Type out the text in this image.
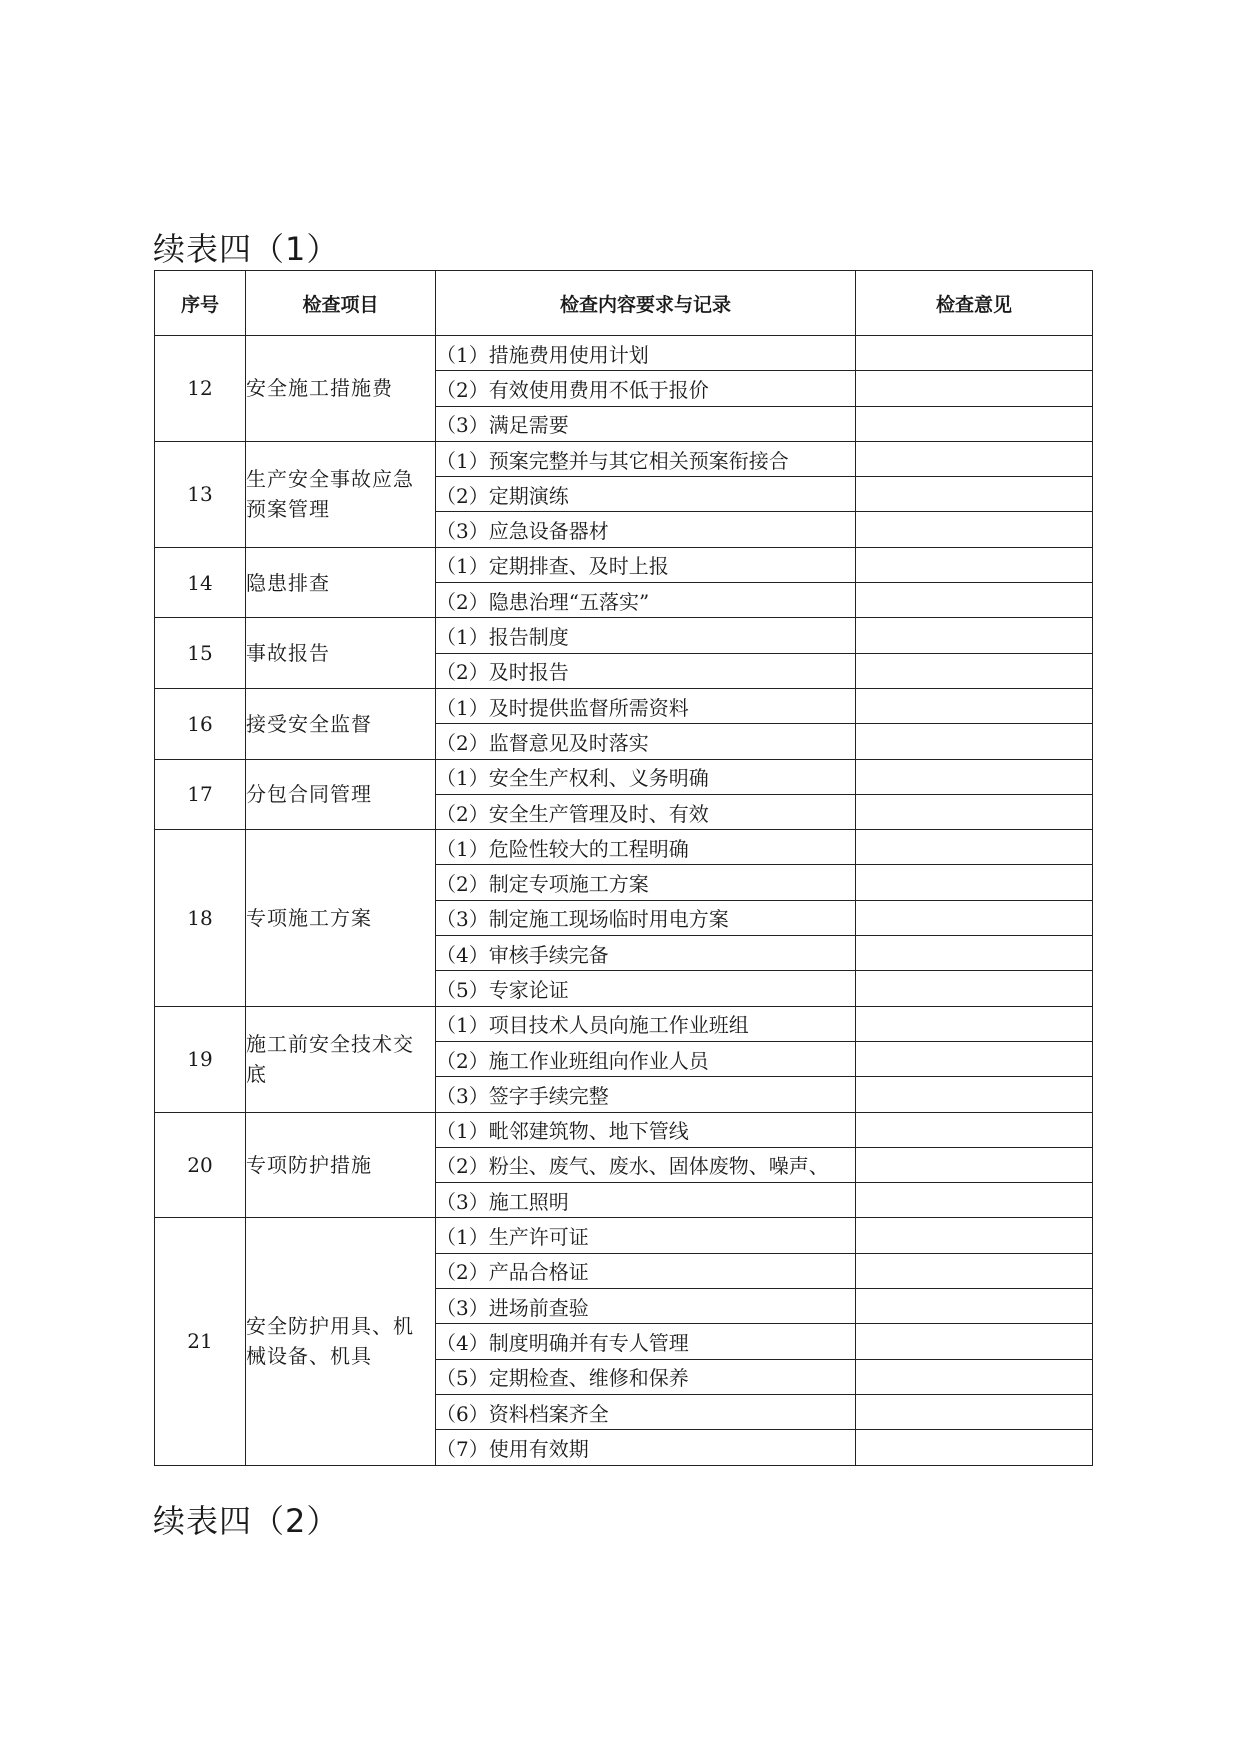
续表四（1）
序号	检查项目	检查内容要求与记录	检查意见
12	安全施工措施费	（1）措施费用使用计划	
		（2）有效使用费用不低于报价	
		（3）满足需要	
13	生产安全事故应急预案管理	（1）预案完整并与其它相关预案衔接合	
		（2）定期演练	
		（3）应急设备器材	
14	隐患排查	（1）定期排查、及时上报	
		（2）隐患治理“五落实”	
15	事故报告	（1）报告制度	
		（2）及时报告	
16	接受安全监督	（1）及时提供监督所需资料	
		（2）监督意见及时落实	
17	分包合同管理	（1）安全生产权利、义务明确	
		（2）安全生产管理及时、有效	
18	专项施工方案	（1）危险性较大的工程明确	
		（2）制定专项施工方案	
		（3）制定施工现场临时用电方案	
		（4）审核手续完备	
		（5）专家论证	
19	施工前安全技术交底	（1）项目技术人员向施工作业班组	
		（2）施工作业班组向作业人员	
		（3）签字手续完整	
20	专项防护措施	（1）毗邻建筑物、地下管线	
		（2）粉尘、废气、废水、固体废物、噪声、	
		（3）施工照明	
21	安全防护用具、机械设备、机具	（1）生产许可证	
		（2）产品合格证	
		（3）进场前查验	
		（4）制度明确并有专人管理	
		（5）定期检查、维修和保养	
		（6）资料档案齐全	
		（7）使用有效期	
续表四（2）
